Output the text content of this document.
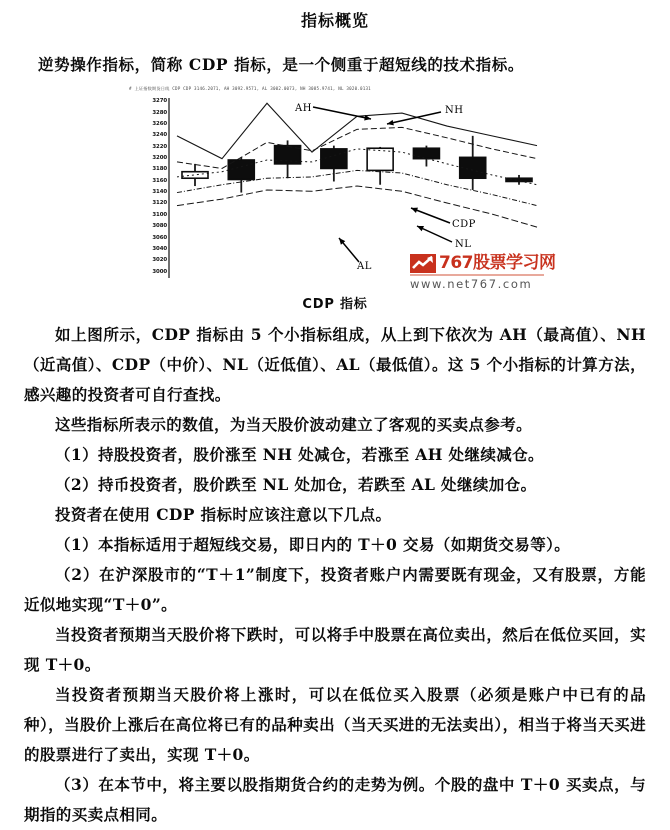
指标概览
逆势操作指标，简称 CDP 指标，是一个侧重于超短线的技术指标。
# 上证指数期货日线 CDP CDP 3146.2071, AH 3092.9571, AL 3002.0073, NH 3085.9741, NL 3020.0131
3270
3280
3260
3240
3220
3200
3180
3160
3140
3120
3100
3080
3060
3040
3020
3000
AH	NH
CDP
NL
AL	767股票学习网
www.net767.com
CDP 指标

如上图所示，CDP 指标由 5 个小指标组成，从上到下依次为 AH（最高值）、NH（近高值）、CDP（中价）、NL（近低值）、AL（最低值）。这 5 个小指标的计算方法，感兴趣的投资者可自行查找。

这些指标所表示的数值，为当天股价波动建立了客观的买卖点参考。

（1）持股投资者，股价涨至 NH 处减仓，若涨至 AH 处继续减仓。

（2）持币投资者，股价跌至 NL 处加仓，若跌至 AL 处继续加仓。

投资者在使用 CDP 指标时应该注意以下几点。

（1）本指标适用于超短线交易，即日内的 T＋0 交易（如期货交易等）。

（2）在沪深股市的“T＋1”制度下，投资者账户内需要既有现金，又有股票，方能近似地实现“T＋0”。

当投资者预期当天股价将下跌时，可以将手中股票在高位卖出，然后在低位买回，实现 T＋0。

当投资者预期当天股价将上涨时，可以在低位买入股票（必须是账户中已有的品种），当股价上涨后在高位将已有的品种卖出（当天买进的无法卖出），相当于将当天买进的股票进行了卖出，实现 T＋0。

（3）在本节中，将主要以股指期货合约的走势为例。个股的盘中 T＋0 买卖点，与期指的买卖点相同。
